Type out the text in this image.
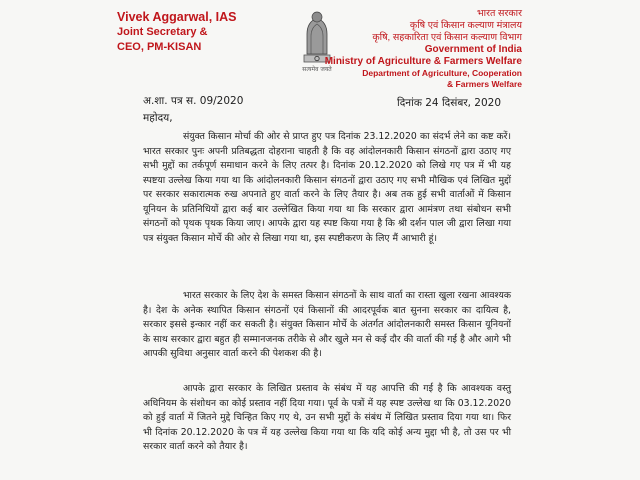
Vivek Aggarwal, IAS
Joint Secretary &
CEO, PM-KISAN
सत्यमेव जयते
भारत सरकार
कृषि एवं किसान कल्याण मंत्रालय
कृषि, सहकारिता एवं किसान कल्याण विभाग
Government of India
Ministry of Agriculture & Farmers Welfare
Department of Agriculture, Cooperation
& Farmers Welfare
अ.शा. पत्र स. 09/2020	दिनांक 24 दिसंबर, 2020
महोदय,

संयुक्त किसान मोर्चा की ओर से प्राप्त हुए पत्र दिनांक 23.12.2020 का संदर्भ लेने का कष्ट करें। भारत सरकार पुनः अपनी प्रतिबद्धता दोहराना चाहती है कि वह आंदोलनकारी किसान संगठनों द्वारा उठाए गए सभी मुद्दों का तर्कपूर्ण समाधान करने के लिए तत्पर है। दिनांक 20.12.2020 को लिखे गए पत्र में भी यह स्पष्टया उल्लेख किया गया था कि आंदोलनकारी किसान संगठनों द्वारा उठाए गए सभी मौखिक एवं लिखित मुद्दों पर सरकार सकारात्मक रुख अपनाते हुए वार्ता करने के लिए तैयार है। अब तक हुई सभी वार्ताओं में किसान यूनियन के प्रतिनिधियों द्वारा कई बार उल्लेखित किया गया था कि सरकार द्वारा आमंत्रण तथा संबोधन सभी संगठनों को पृथक पृथक किया जाए। आपके द्वारा यह स्पष्ट किया गया है कि श्री दर्शन पाल जी द्वारा लिखा गया पत्र संयुक्त किसान मोर्चे की ओर से लिखा गया था, इस स्पष्टीकरण के लिए मैं आभारी हूं।

भारत सरकार के लिए देश के समस्त किसान संगठनों के साथ वार्ता का रास्ता खुला रखना आवश्यक है। देश के अनेक स्थापित किसान संगठनों एवं किसानों की आदरपूर्वक बात सुनना सरकार का दायित्व है, सरकार इससे इन्कार नहीं कर सकती है। संयुक्त किसान मोर्चे के अंतर्गत आंदोलनकारी समस्त किसान यूनियनों के साथ सरकार द्वारा बहुत ही सम्मानजनक तरीके से और खुले मन से कई दौर की वार्ता की गई है और आगे भी आपकी सुविधा अनुसार वार्ता करने की पेशकश की है।

आपके द्वारा सरकार के लिखित प्रस्ताव के संबंध में यह आपत्ति की गई है कि आवश्यक वस्तु अधिनियम के संशोधन का कोई प्रस्ताव नहीं दिया गया। पूर्व के पत्रों में यह स्पष्ट उल्लेख था कि 03.12.2020 को हुई वार्ता में जितने मुद्दे चिन्हित किए गए थे, उन सभी मुद्दों के संबंध में लिखित प्रस्ताव दिया गया था। फिर भी दिनांक 20.12.2020 के पत्र में यह उल्लेख किया गया था कि यदि कोई अन्य मुद्दा भी है, तो उस पर भी सरकार वार्ता करने को तैयार है।
